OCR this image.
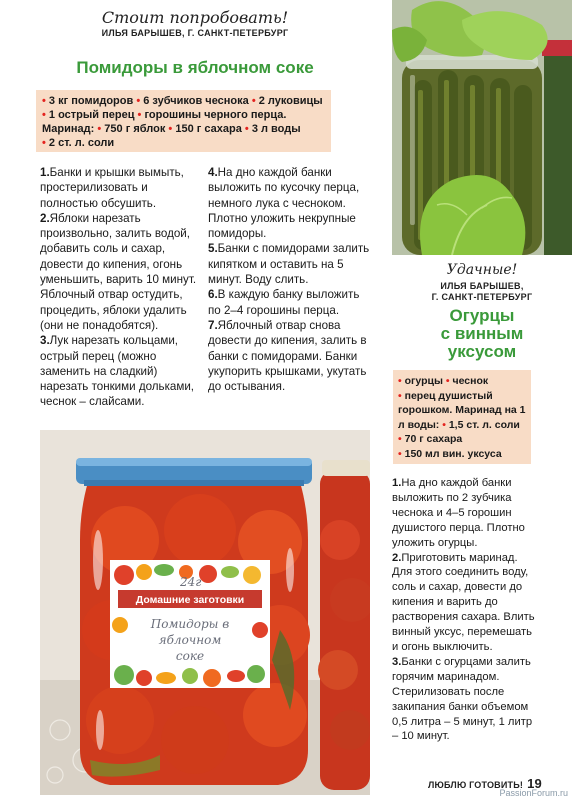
Стоит попробовать!
ИЛЬЯ БАРЫШЕВ, Г. САНКТ-ПЕТЕРБУРГ
Помидоры в яблочном соке
• 3 кг помидоров • 6 зубчиков чеснока • 2 луковицы
• 1 острый перец • горошины черного перца.
Маринад: • 750 г яблок • 150 г сахара • 3 л воды
• 2 ст. л. соли

1.Банки и крышки вымыть, простерилизовать и полностью обсушить.

2.Яблоки нарезать произвольно, залить водой, добавить соль и сахар, довести до кипения, огонь уменьшить, варить 10 минут. Яблочный отвар остудить, процедить, яблоки удалить (они не понадобятся).

3.Лук нарезать кольцами, острый перец (можно заменить на сладкий) нарезать тонкими дольками, чеснок – слайсами.

4.На дно каждой банки выложить по кусочку перца, немного лука с чесноком. Плотно уложить некрупные помидоры.

5.Банки с помидорами залить кипятком и оставить на 5 минут. Воду слить.

6.В каждую банку выложить по 2–4 горошины перца.

7.Яблочный отвар снова довести до кипения, залить в банки с помидорами. Банки укупорить крышками, укутать до остывания.

Домашние заготовки
24г
Помидоры в
яблочном
соке
Удачные!
ИЛЬЯ БАРЫШЕВ,
Г. САНКТ-ПЕТЕРБУРГ
Огурцы
с винным
уксусом
• огурцы • чеснок
• перец душистый горошком. Маринад на 1 л воды: • 1,5 ст. л. соли • 70 г сахара
• 150 мл вин. уксуса

1.На дно каждой банки выложить по 2 зубчика чеснока и 4–5 горошин душистого перца. Плотно уложить огурцы.

2.Приготовить маринад. Для этого соединить воду, соль и сахар, довести до кипения и варить до растворения сахара. Влить винный уксус, перемешать и огонь выключить.

3.Банки с огурцами залить горячим маринадом. Стерилизовать после закипания банки объемом 0,5 литра – 5 минут, 1 литр – 10 минут.

ЛЮБЛЮ ГОТОВИТЬ! 19
PassionForum.ru
